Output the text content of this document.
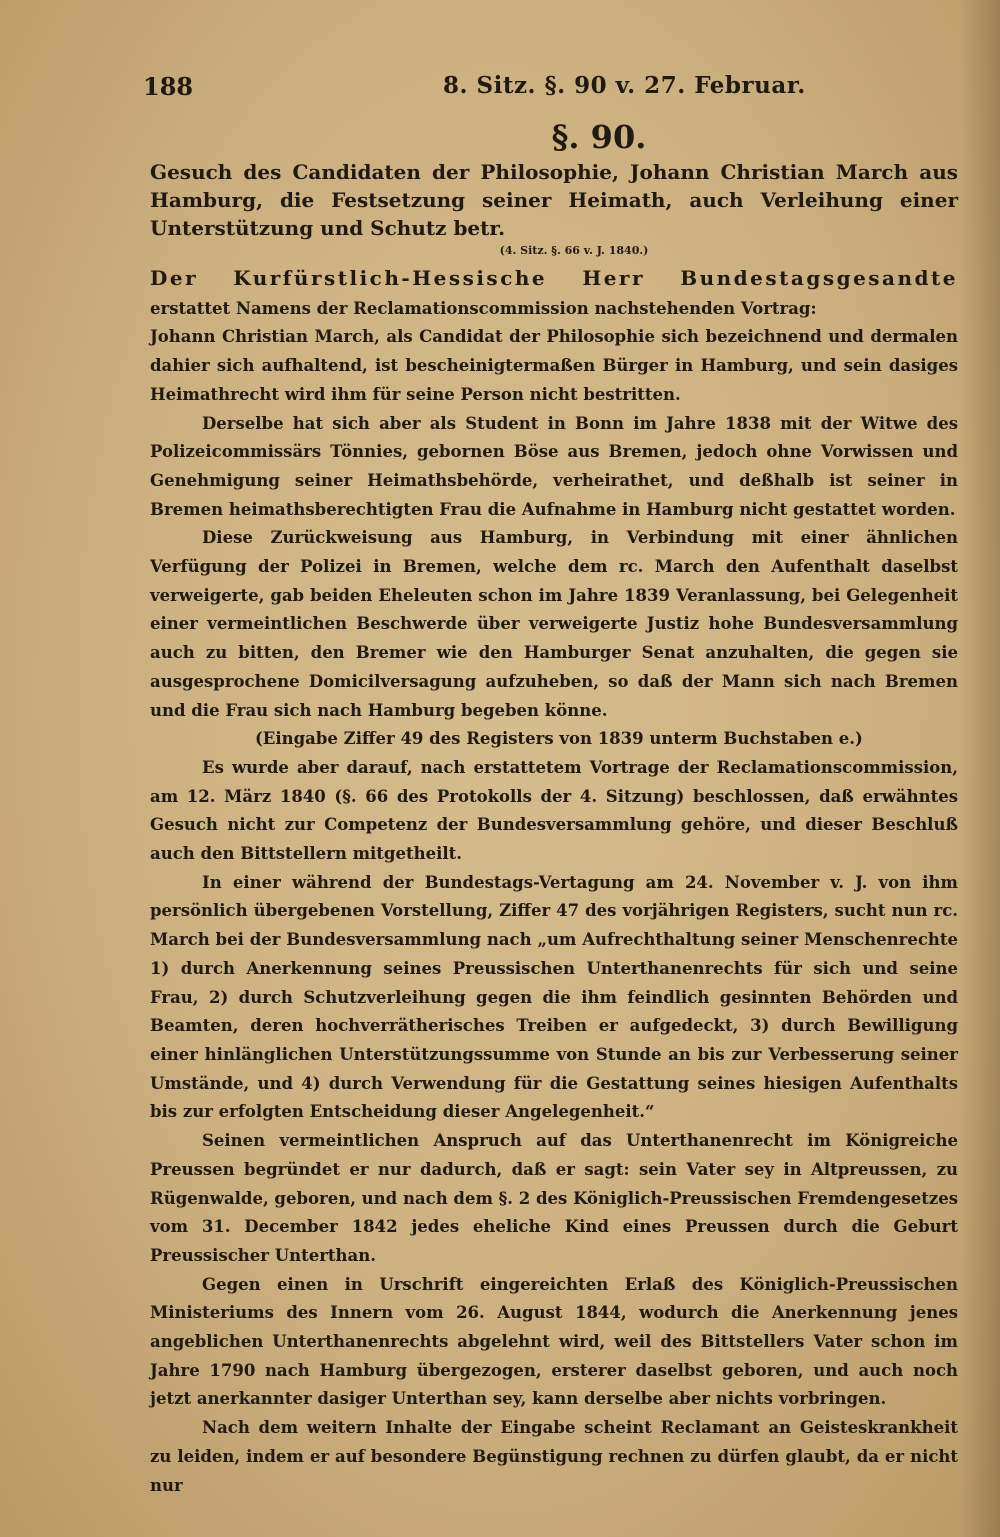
188	8. Sitz. §. 90 v. 27. Februar.
§. 90.
Gesuch des Candidaten der Philosophie, Johann Christian March aus Hamburg, die Festsetzung seiner Heimath, auch Verleihung einer Unterstützung und Schutz betr.
(4. Sitz. §. 66 v. J. 1840.)
Der Kurfürstlich-Hessische Herr Bundestagsgesandte erstattet Namens der Reclamationscommission nachstehenden Vortrag:

Johann Christian March, als Candidat der Philosophie sich bezeichnend und dermalen dahier sich aufhaltend, ist bescheinigtermaßen Bürger in Hamburg, und sein dasiges Heimathrecht wird ihm für seine Person nicht bestritten.

Derselbe hat sich aber als Student in Bonn im Jahre 1838 mit der Witwe des Polizeicommissärs Tönnies, gebornen Böse aus Bremen, jedoch ohne Vorwissen und Genehmigung seiner Heimathsbehörde, verheirathet, und deßhalb ist seiner in Bremen heimathsberechtigten Frau die Aufnahme in Hamburg nicht gestattet worden.

Diese Zurückweisung aus Hamburg, in Verbindung mit einer ähnlichen Verfügung der Polizei in Bremen, welche dem rc. March den Aufenthalt daselbst verweigerte, gab beiden Eheleuten schon im Jahre 1839 Veranlassung, bei Gelegenheit einer vermeintlichen Beschwerde über verweigerte Justiz hohe Bundesversammlung auch zu bitten, den Bremer wie den Hamburger Senat anzuhalten, die gegen sie ausgesprochene Domicilversagung aufzuheben, so daß der Mann sich nach Bremen und die Frau sich nach Hamburg begeben könne.

(Eingabe Ziffer 49 des Registers von 1839 unterm Buchstaben e.)

Es wurde aber darauf, nach erstattetem Vortrage der Reclamationscommission, am 12. März 1840 (§. 66 des Protokolls der 4. Sitzung) beschlossen, daß erwähntes Gesuch nicht zur Competenz der Bundesversammlung gehöre, und dieser Beschluß auch den Bittstellern mitgetheilt.

In einer während der Bundestags-Vertagung am 24. November v. J. von ihm persönlich übergebenen Vorstellung, Ziffer 47 des vorjährigen Registers, sucht nun rc. March bei der Bundesversammlung nach „um Aufrechthaltung seiner Menschenrechte 1) durch Anerkennung seines Preussischen Unterthanenrechts für sich und seine Frau, 2) durch Schutzverleihung gegen die ihm feindlich gesinnten Behörden und Beamten, deren hochverrätherisches Treiben er aufgedeckt, 3) durch Bewilligung einer hinlänglichen Unterstützungssumme von Stunde an bis zur Verbesserung seiner Umstände, und 4) durch Verwendung für die Gestattung seines hiesigen Aufenthalts bis zur erfolgten Entscheidung dieser Angelegenheit.“

Seinen vermeintlichen Anspruch auf das Unterthanenrecht im Königreiche Preussen begründet er nur dadurch, daß er sagt: sein Vater sey in Altpreussen, zu Rügenwalde, geboren, und nach dem §. 2 des Königlich-Preussischen Fremdengesetzes vom 31. December 1842 jedes eheliche Kind eines Preussen durch die Geburt Preussischer Unterthan.

Gegen einen in Urschrift eingereichten Erlaß des Königlich-Preussischen Ministeriums des Innern vom 26. August 1844, wodurch die Anerkennung jenes angeblichen Unterthanenrechts abgelehnt wird, weil des Bittstellers Vater schon im Jahre 1790 nach Hamburg übergezogen, ersterer daselbst geboren, und auch noch jetzt anerkannter dasiger Unterthan sey, kann derselbe aber nichts vorbringen.

Nach dem weitern Inhalte der Eingabe scheint Reclamant an Geisteskrankheit zu leiden, indem er auf besondere Begünstigung rechnen zu dürfen glaubt, da er nicht nur
